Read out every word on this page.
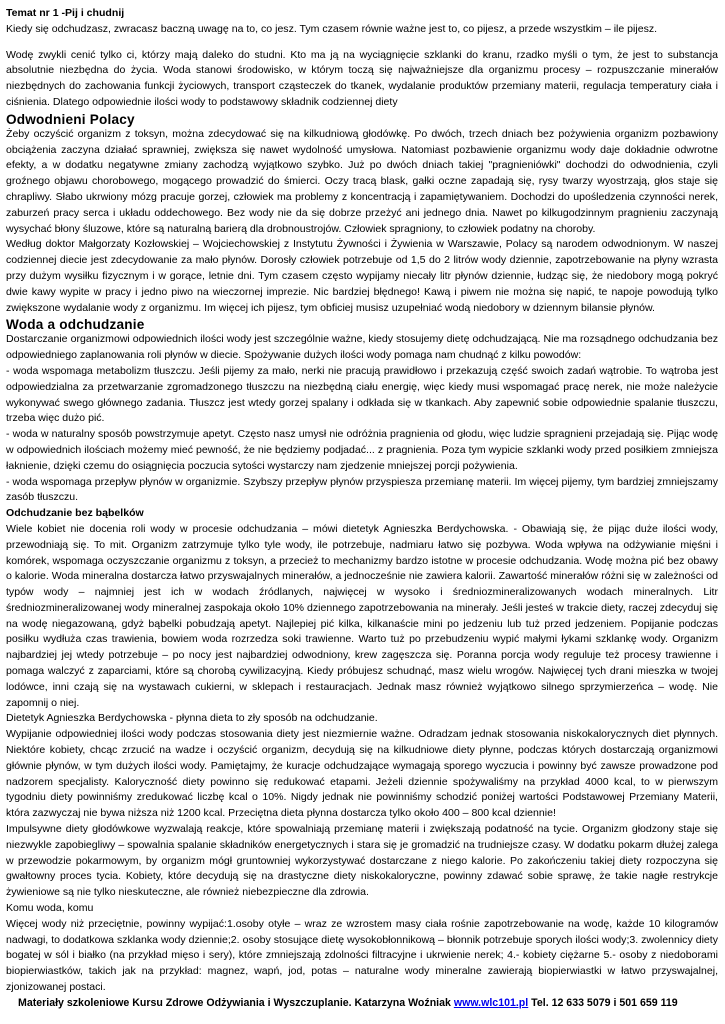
Temat nr 1 -Pij i chudnij

Kiedy się odchudzasz, zwracasz baczną uwagę na to, co jesz. Tym czasem równie ważne jest to, co pijesz, a przede wszystkim – ile pijesz.

Wodę zwykli cenić tylko ci, którzy mają daleko do studni. Kto ma ją na wyciągnięcie szklanki do kranu, rzadko myśli o tym, że jest to substancja absolutnie niezbędna do życia. Woda stanowi środowisko, w którym toczą się najważniejsze dla organizmu procesy – rozpuszczanie minerałów niezbędnych do zachowania funkcji życiowych, transport cząsteczek do tkanek, wydalanie produktów przemiany materii, regulacja temperatury ciała i ciśnienia. Dlatego odpowiednie ilości wody to podstawowy składnik codziennej diety

Odwodnieni Polacy

Żeby oczyścić organizm z toksyn, można zdecydować się na kilkudniową głodówkę. Po dwóch, trzech dniach bez pożywienia organizm pozbawiony obciążenia zaczyna działać sprawniej, zwiększa się nawet wydolność umysłowa. Natomiast pozbawienie organizmu wody daje dokładnie odwrotne efekty, a w dodatku negatywne zmiany zachodzą wyjątkowo szybko. Już po dwóch dniach takiej "pragnieniówki" dochodzi do odwodnienia, czyli groźnego objawu chorobowego, mogącego prowadzić do śmierci. Oczy tracą blask, gałki oczne zapadają się, rysy twarzy wyostrzają, głos staje się chrapliwy. Słabo ukrwiony mózg pracuje gorzej, człowiek ma problemy z koncentracją i zapamiętywaniem. Dochodzi do upośledzenia czynności nerek, zaburzeń pracy serca i układu oddechowego. Bez wody nie da się dobrze przeżyć ani jednego dnia. Nawet po kilkugodzinnym pragnieniu zaczynają wysychać błony śluzowe, które są naturalną barierą dla drobnoustrojów. Człowiek spragniony, to człowiek podatny na choroby.

Według doktor Małgorzaty Kozłowskiej – Wojciechowskiej z Instytutu Żywności i Żywienia w Warszawie, Polacy są narodem odwodnionym. W naszej codziennej diecie jest zdecydowanie za mało płynów. Dorosły człowiek potrzebuje od 1,5 do 2 litrów wody dziennie, zapotrzebowanie na płyny wzrasta przy dużym wysiłku fizycznym i w gorące, letnie dni. Tym czasem często wypijamy niecały litr płynów dziennie, łudząc się, że niedobory mogą pokryć dwie kawy wypite w pracy i jedno piwo na wieczornej imprezie. Nic bardziej błędnego! Kawą i piwem nie można się napić, te napoje powodują tylko zwiększone wydalanie wody z organizmu. Im więcej ich pijesz, tym obficiej musisz uzupełniać wodą niedobory w dziennym bilansie płynów.

Woda a odchudzanie

Dostarczanie organizmowi odpowiednich ilości wody jest szczególnie ważne, kiedy stosujemy dietę odchudzającą. Nie ma rozsądnego odchudzania bez odpowiedniego zaplanowania roli płynów w diecie. Spożywanie dużych ilości wody pomaga nam chudnąć z kilku powodów:

- woda wspomaga metabolizm tłuszczu. Jeśli pijemy za mało, nerki nie pracują prawidłowo i przekazują część swoich zadań wątrobie. To wątroba jest odpowiedzialna za przetwarzanie zgromadzonego tłuszczu na niezbędną ciału energię, więc kiedy musi wspomagać pracę nerek, nie może należycie wykonywać swego głównego zadania. Tłuszcz jest wtedy gorzej spalany i odkłada się w tkankach. Aby zapewnić sobie odpowiednie spalanie tłuszczu, trzeba więc dużo pić.

- woda w naturalny sposób powstrzymuje apetyt. Często nasz umysł nie odróżnia pragnienia od głodu, więc ludzie spragnieni przejadają się. Pijąc wodę w odpowiednich ilościach możemy mieć pewność, że nie będziemy podjadać... z pragnienia. Poza tym wypicie szklanki wody przed posiłkiem zmniejsza łaknienie, dzięki czemu do osiągnięcia poczucia sytości wystarczy nam zjedzenie mniejszej porcji pożywienia.

- woda wspomaga przepływ płynów w organizmie. Szybszy przepływ płynów przyspiesza przemianę materii. Im więcej pijemy, tym bardziej zmniejszamy zasób tłuszczu.

Odchudzanie bez bąbelków

Wiele kobiet nie docenia roli wody w procesie odchudzania – mówi dietetyk Agnieszka Berdychowska. - Obawiają się, że pijąc duże ilości wody, przewodniają się. To mit. Organizm zatrzymuje tylko tyle wody, ile potrzebuje, nadmiaru łatwo się pozbywa. Woda wpływa na odżywianie mięśni i komórek, wspomaga oczyszczanie organizmu z toksyn, a przecież to mechanizmy bardzo istotne w procesie odchudzania. Wodę można pić bez obawy o kalorie. Woda mineralna dostarcza łatwo przyswajalnych minerałów, a jednocześnie nie zawiera kalorii. Zawartość minerałów różni się w zależności od typów wody – najmniej jest ich w wodach źródlanych, najwięcej w wysoko i średniozmineralizowanych wodach mineralnych. Litr średniozmineralizowanej wody mineralnej zaspokaja około 10% dziennego zapotrzebowania na minerały. Jeśli jesteś w trakcie diety, raczej zdecyduj się na wodę niegazowaną, gdyż bąbelki pobudzają apetyt. Najlepiej pić kilka, kilkanaście mini po jedzeniu lub tuż przed jedzeniem. Popijanie podczas posiłku wydłuża czas trawienia, bowiem woda rozrzedza soki trawienne. Warto tuż po przebudzeniu wypić małymi łykami szklankę wody. Organizm najbardziej jej wtedy potrzebuje – po nocy jest najbardziej odwodniony, krew zagęszcza się. Poranna porcja wody reguluje też procesy trawienne i pomaga walczyć z zaparciami, które są chorobą cywilizacyjną. Kiedy próbujesz schudnąć, masz wielu wrogów. Najwięcej tych drani mieszka w twojej lodówce, inni czają się na wystawach cukierni, w sklepach i restauracjach. Jednak masz również wyjątkowo silnego sprzymierzeńca – wodę. Nie zapomnij o niej.

Dietetyk Agnieszka Berdychowska - płynna dieta to zły sposób na odchudzanie.

Wypijanie odpowiedniej ilości wody podczas stosowania diety jest niezmiernie ważne. Odradzam jednak stosowania niskokalorycznych diet płynnych. Niektóre kobiety, chcąc zrzucić na wadze i oczyścić organizm, decydują się na kilkudniowe diety płynne, podczas których dostarczają organizmowi głównie płynów, w tym dużych ilości wody. Pamiętajmy, że kuracje odchudzające wymagają sporego wyczucia i powinny być zawsze prowadzone pod nadzorem specjalisty. Kaloryczność diety powinno się redukować etapami. Jeżeli dziennie spożywaliśmy na przykład 4000 kcal, to w pierwszym tygodniu diety powinniśmy zredukować liczbę kcal o 10%. Nigdy jednak nie powinniśmy schodzić poniżej wartości Podstawowej Przemiany Materii, która zazwyczaj nie bywa niższa niż 1200 kcal. Przeciętna dieta płynna dostarcza tylko około 400 – 800 kcal dziennie!

Impulsywne diety głodówkowe wyzwalają reakcje, które spowalniają przemianę materii i zwiększają podatność na tycie. Organizm głodzony staje się niezwykle zapobiegliwy – spowalnia spalanie składników energetycznych i stara się je gromadzić na trudniejsze czasy. W dodatku pokarm dłużej zalega w przewodzie pokarmowym, by organizm mógł gruntowniej wykorzystywać dostarczane z niego kalorie. Po zakończeniu takiej diety rozpoczyna się gwałtowny proces tycia. Kobiety, które decydują się na drastyczne diety niskokaloryczne, powinny zdawać sobie sprawę, że takie nagłe restrykcje żywieniowe są nie tylko nieskuteczne, ale również niebezpieczne dla zdrowia.

Komu woda, komu

Więcej wody niż przeciętnie, powinny wypijać:1.osoby otyłe – wraz ze wzrostem masy ciała rośnie zapotrzebowanie na wodę, każde 10 kilogramów nadwagi, to dodatkowa szklanka wody dziennie;2. osoby stosujące dietę wysokobłonnikową – błonnik potrzebuje sporych ilości wody;3. zwolennicy diety bogatej w sól i białko (na przykład mięso i sery), które zmniejszają zdolności filtracyjne i ukrwienie nerek; 4.- kobiety ciężarne 5.- osoby z niedoborami biopierwiastków, takich jak na przykład: magnez, wapń, jod, potas – naturalne wody mineralne zawierają biopierwiastki w łatwo przyswajalnej, zjonizowanej postaci.

Materiały szkoleniowe Kursu Zdrowe Odżywiania i Wyszczuplanie. Katarzyna Woźniak www.wlc101.pl Tel. 12 633 5079 i 501 659 119
